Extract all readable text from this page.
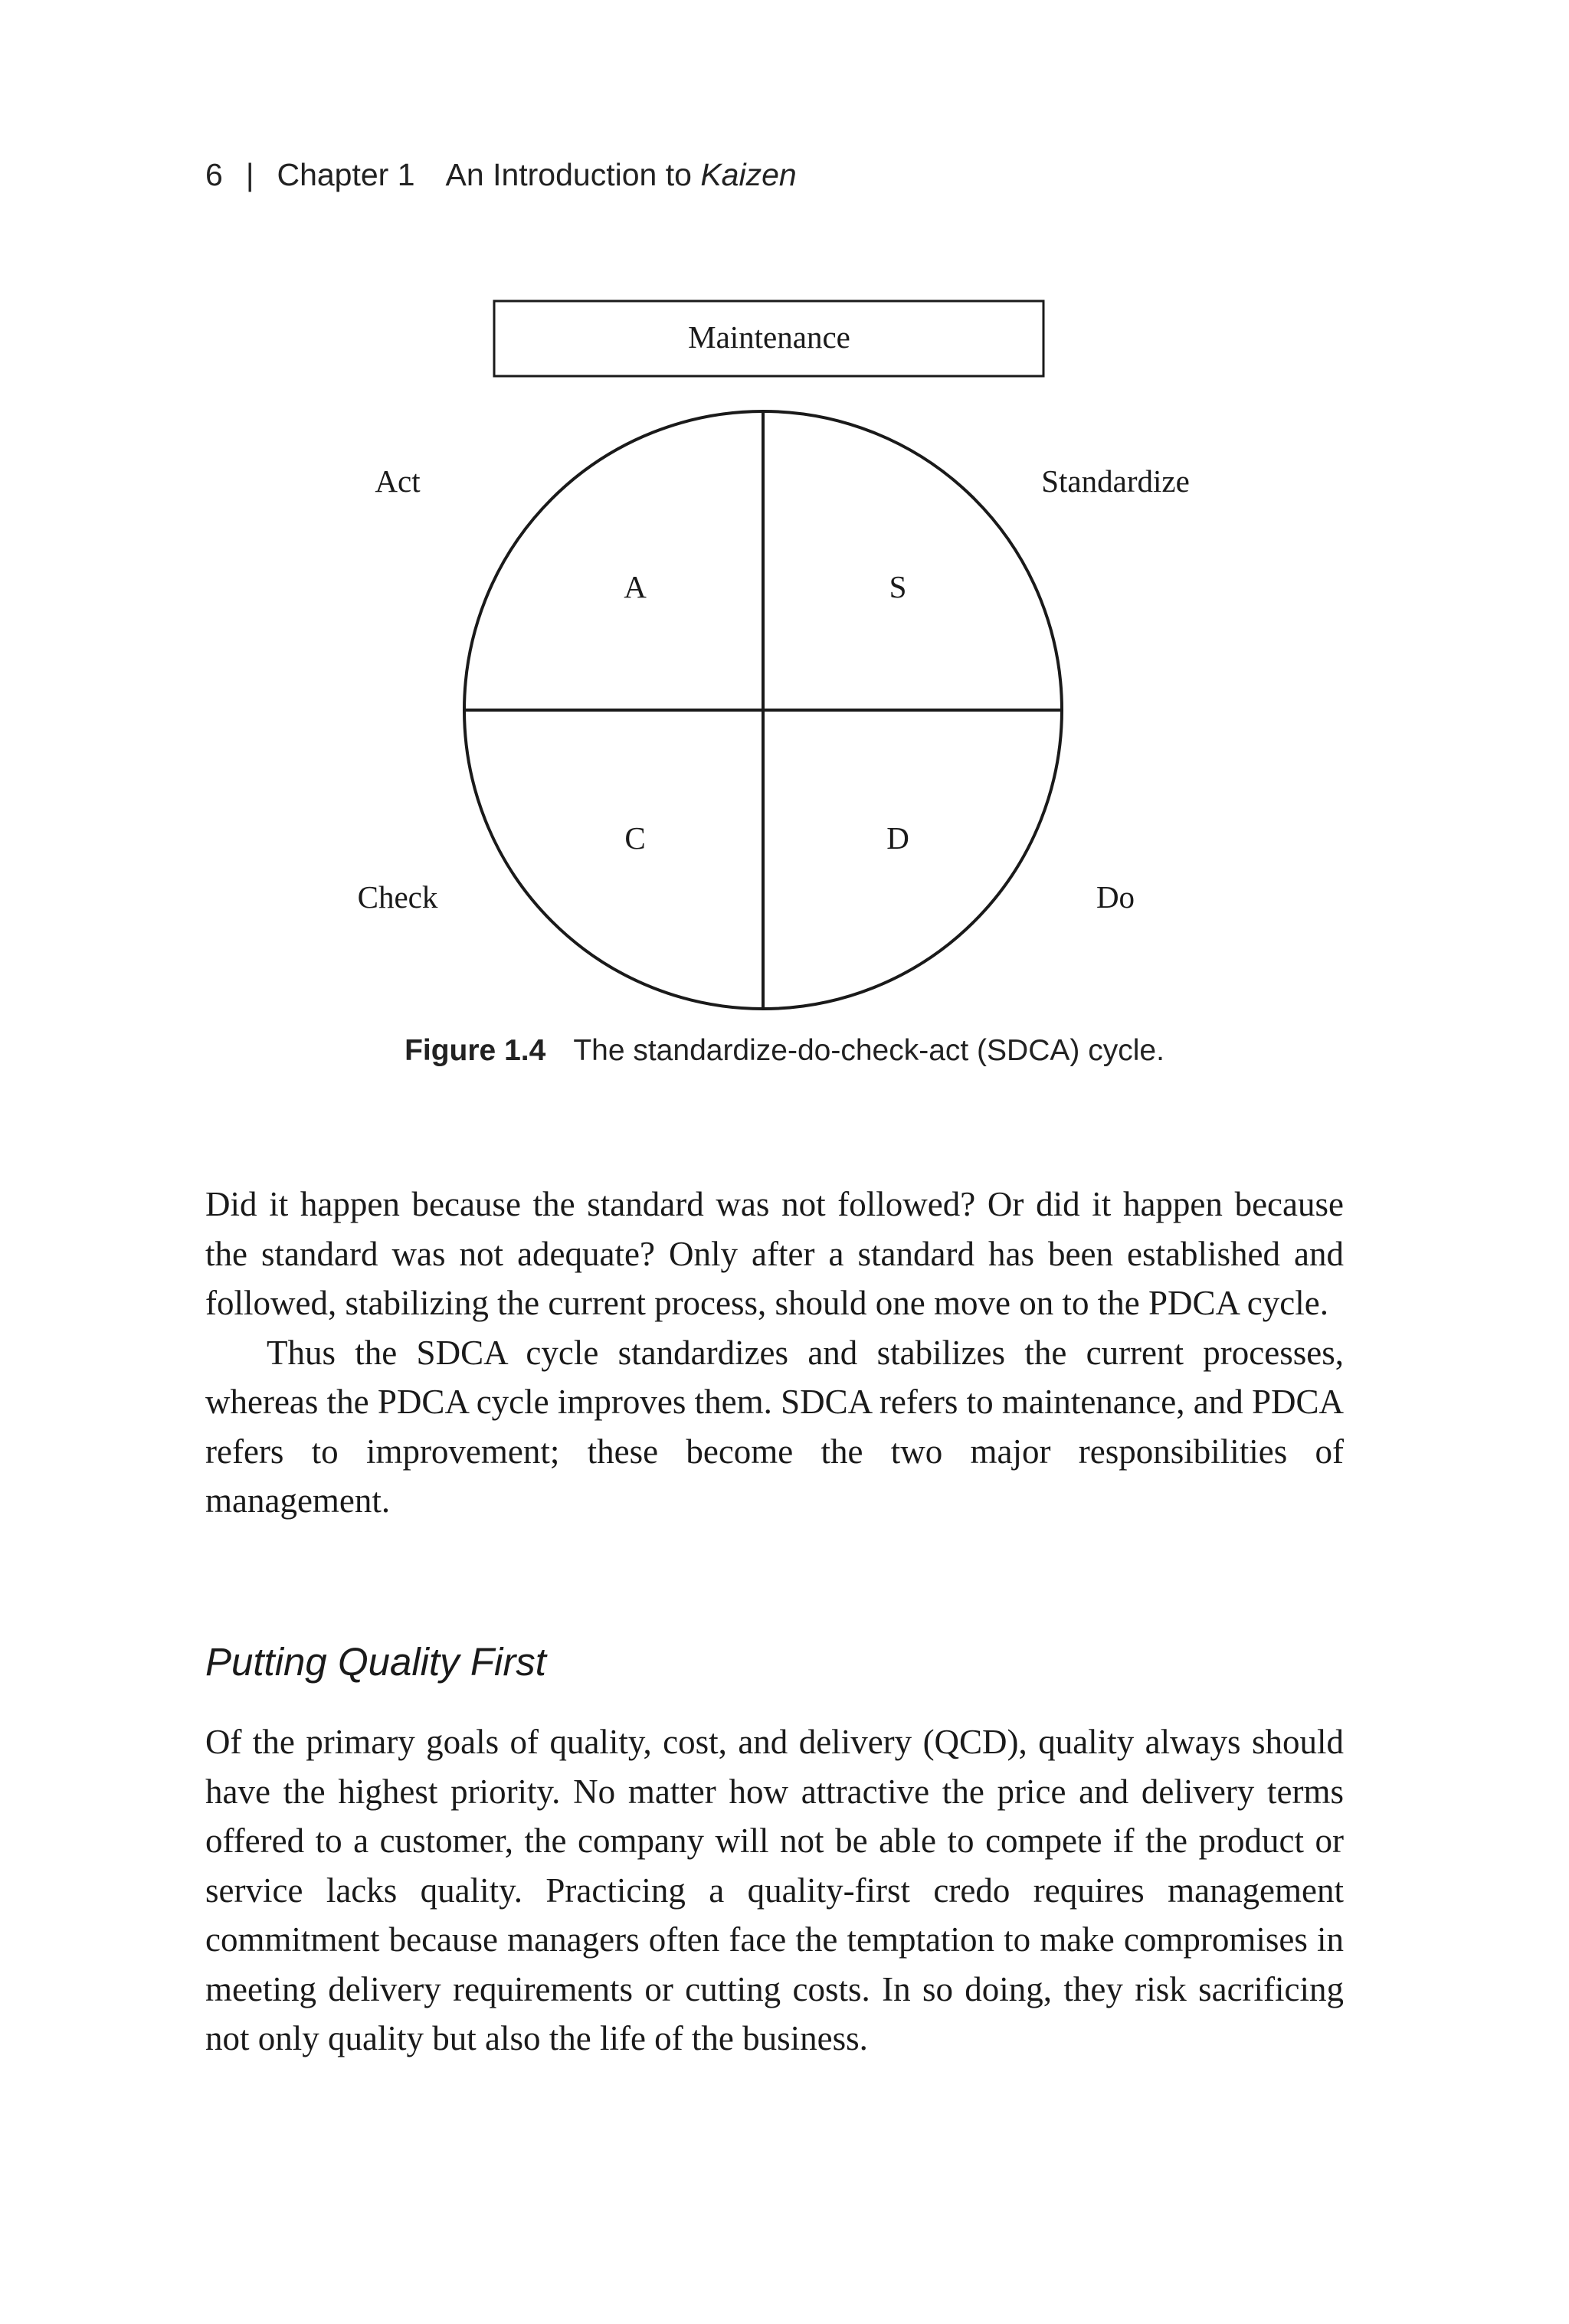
6 | Chapter 1 An Introduction to Kaizen
Maintenance
Act	Standardize
Check	Do
A	S
C	D
Figure 1.4 The standardize-do-check-act (SDCA) cycle.

Did it happen because the standard was not followed? Or did it happen because the standard was not adequate? Only after a standard has been established and followed, stabilizing the current process, should one move on to the PDCA cycle.

Thus the SDCA cycle standardizes and stabilizes the current processes, whereas the PDCA cycle improves them. SDCA refers to maintenance, and PDCA refers to improvement; these become the two major responsibilities of management.

Putting Quality First

Of the primary goals of quality, cost, and delivery (QCD), quality always should have the highest priority. No matter how attractive the price and delivery terms offered to a customer, the company will not be able to compete if the product or service lacks quality. Practicing a quality-first credo requires management commitment because managers often face the temptation to make compromises in meeting delivery requirements or cutting costs. In so doing, they risk sacrificing not only quality but also the life of the business.
